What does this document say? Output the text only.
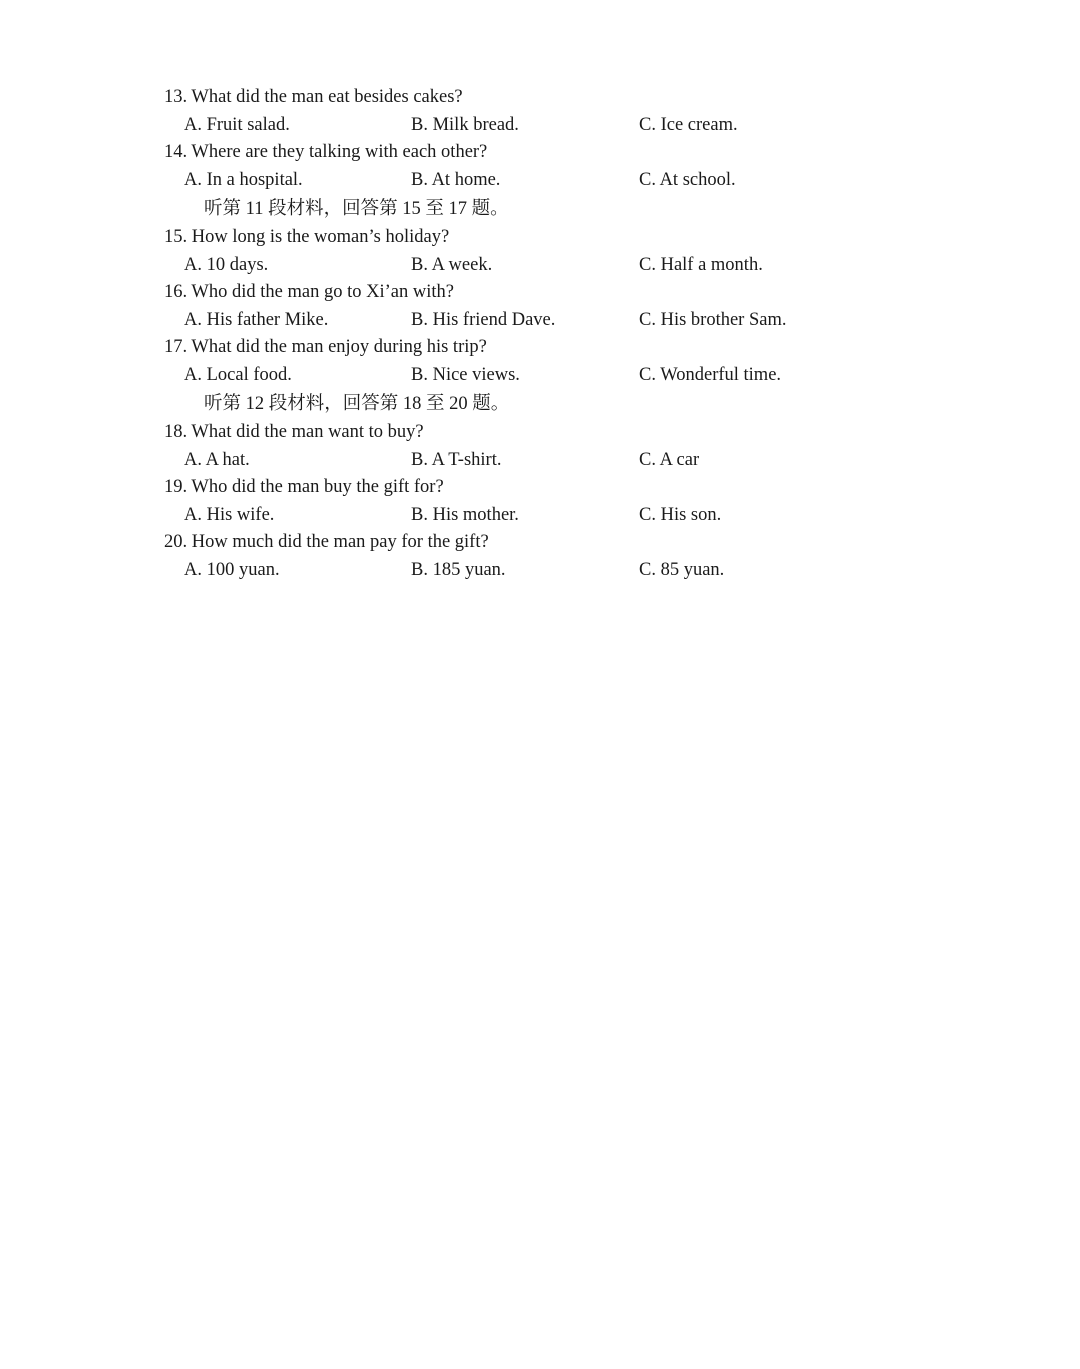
13. What did the man eat besides cakes?
A. Fruit salad.	B. Milk bread.	C. Ice cream.
14. Where are they talking with each other?
A. In a hospital.	B. At home.	C. At school.
听第 11 段材料，回答第 15 至 17 题。
15. How long is the woman’s holiday?
A. 10 days.	B. A week.	C. Half a month.
16. Who did the man go to Xi’an with?
A. His father Mike.	B. His friend Dave.	C. His brother Sam.
17. What did the man enjoy during his trip?
A. Local food.	B. Nice views.	C. Wonderful time.
听第 12 段材料，回答第 18 至 20 题。
18. What did the man want to buy?
A. A hat.	B. A T-shirt.	C. A car
19. Who did the man buy the gift for?
A. His wife.	B. His mother.	C. His son.
20. How much did the man pay for the gift?
A. 100 yuan.	B. 185 yuan.	C. 85 yuan.
